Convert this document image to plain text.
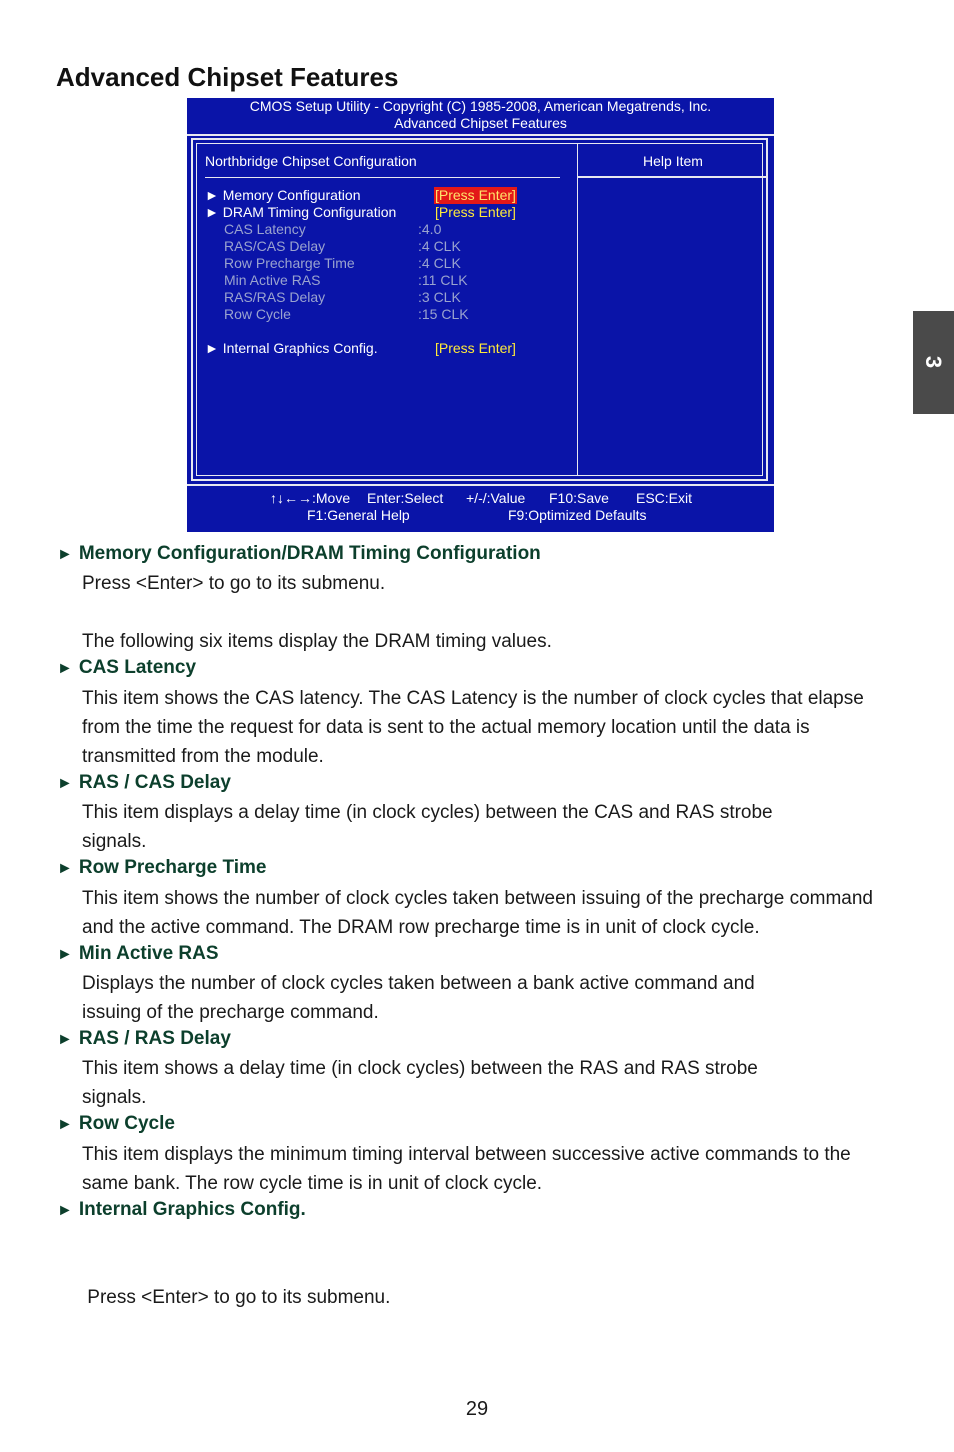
Advanced Chipset Features
CMOS Setup Utility - Copyright (C) 1985-2008, American Megatrends, Inc.
Advanced Chipset Features
Northbridge Chipset Configuration	Help Item
► Memory Configuration	[Press Enter]
► DRAM Timing Configuration	[Press Enter]
CAS Latency	:4.0
RAS/CAS Delay	:4 CLK
Row Precharge Time	:4 CLK
Min Active RAS	:11 CLK
RAS/RAS Delay	:3 CLK
Row Cycle	:15 CLK
► Internal Graphics Config.	[Press Enter]
↑↓←→:Move Enter:Select +/-/:Value F10:Save ESC:Exit
F1:General Help	F9:Optimized Defaults
3
► Memory Configuration/DRAM Timing Configuration
Press <Enter> to go to its submenu.
The following six items display the DRAM timing values.
► CAS Latency
This item shows the CAS latency. The CAS Latency is the number of clock cycles that elapse
from the time the request for data is sent to the actual memory location until the data is
transmitted from the module.
► RAS / CAS Delay
This item displays a delay time (in clock cycles) between the CAS and RAS strobe
signals.
► Row Precharge Time
This item shows the number of clock cycles taken between issuing of the precharge command
and the active command. The DRAM row precharge time is in unit of clock cycle.
► Min Active RAS
Displays the number of clock cycles taken between a bank active command and
issuing of the precharge command.
► RAS / RAS Delay
This item shows a delay time (in clock cycles) between the RAS and RAS strobe
signals.
► Row Cycle
This item displays the minimum timing interval between successive active commands to the
same bank. The row cycle time is in unit of clock cycle.
► Internal Graphics Config.

Press <Enter> to go to its submenu.

29
